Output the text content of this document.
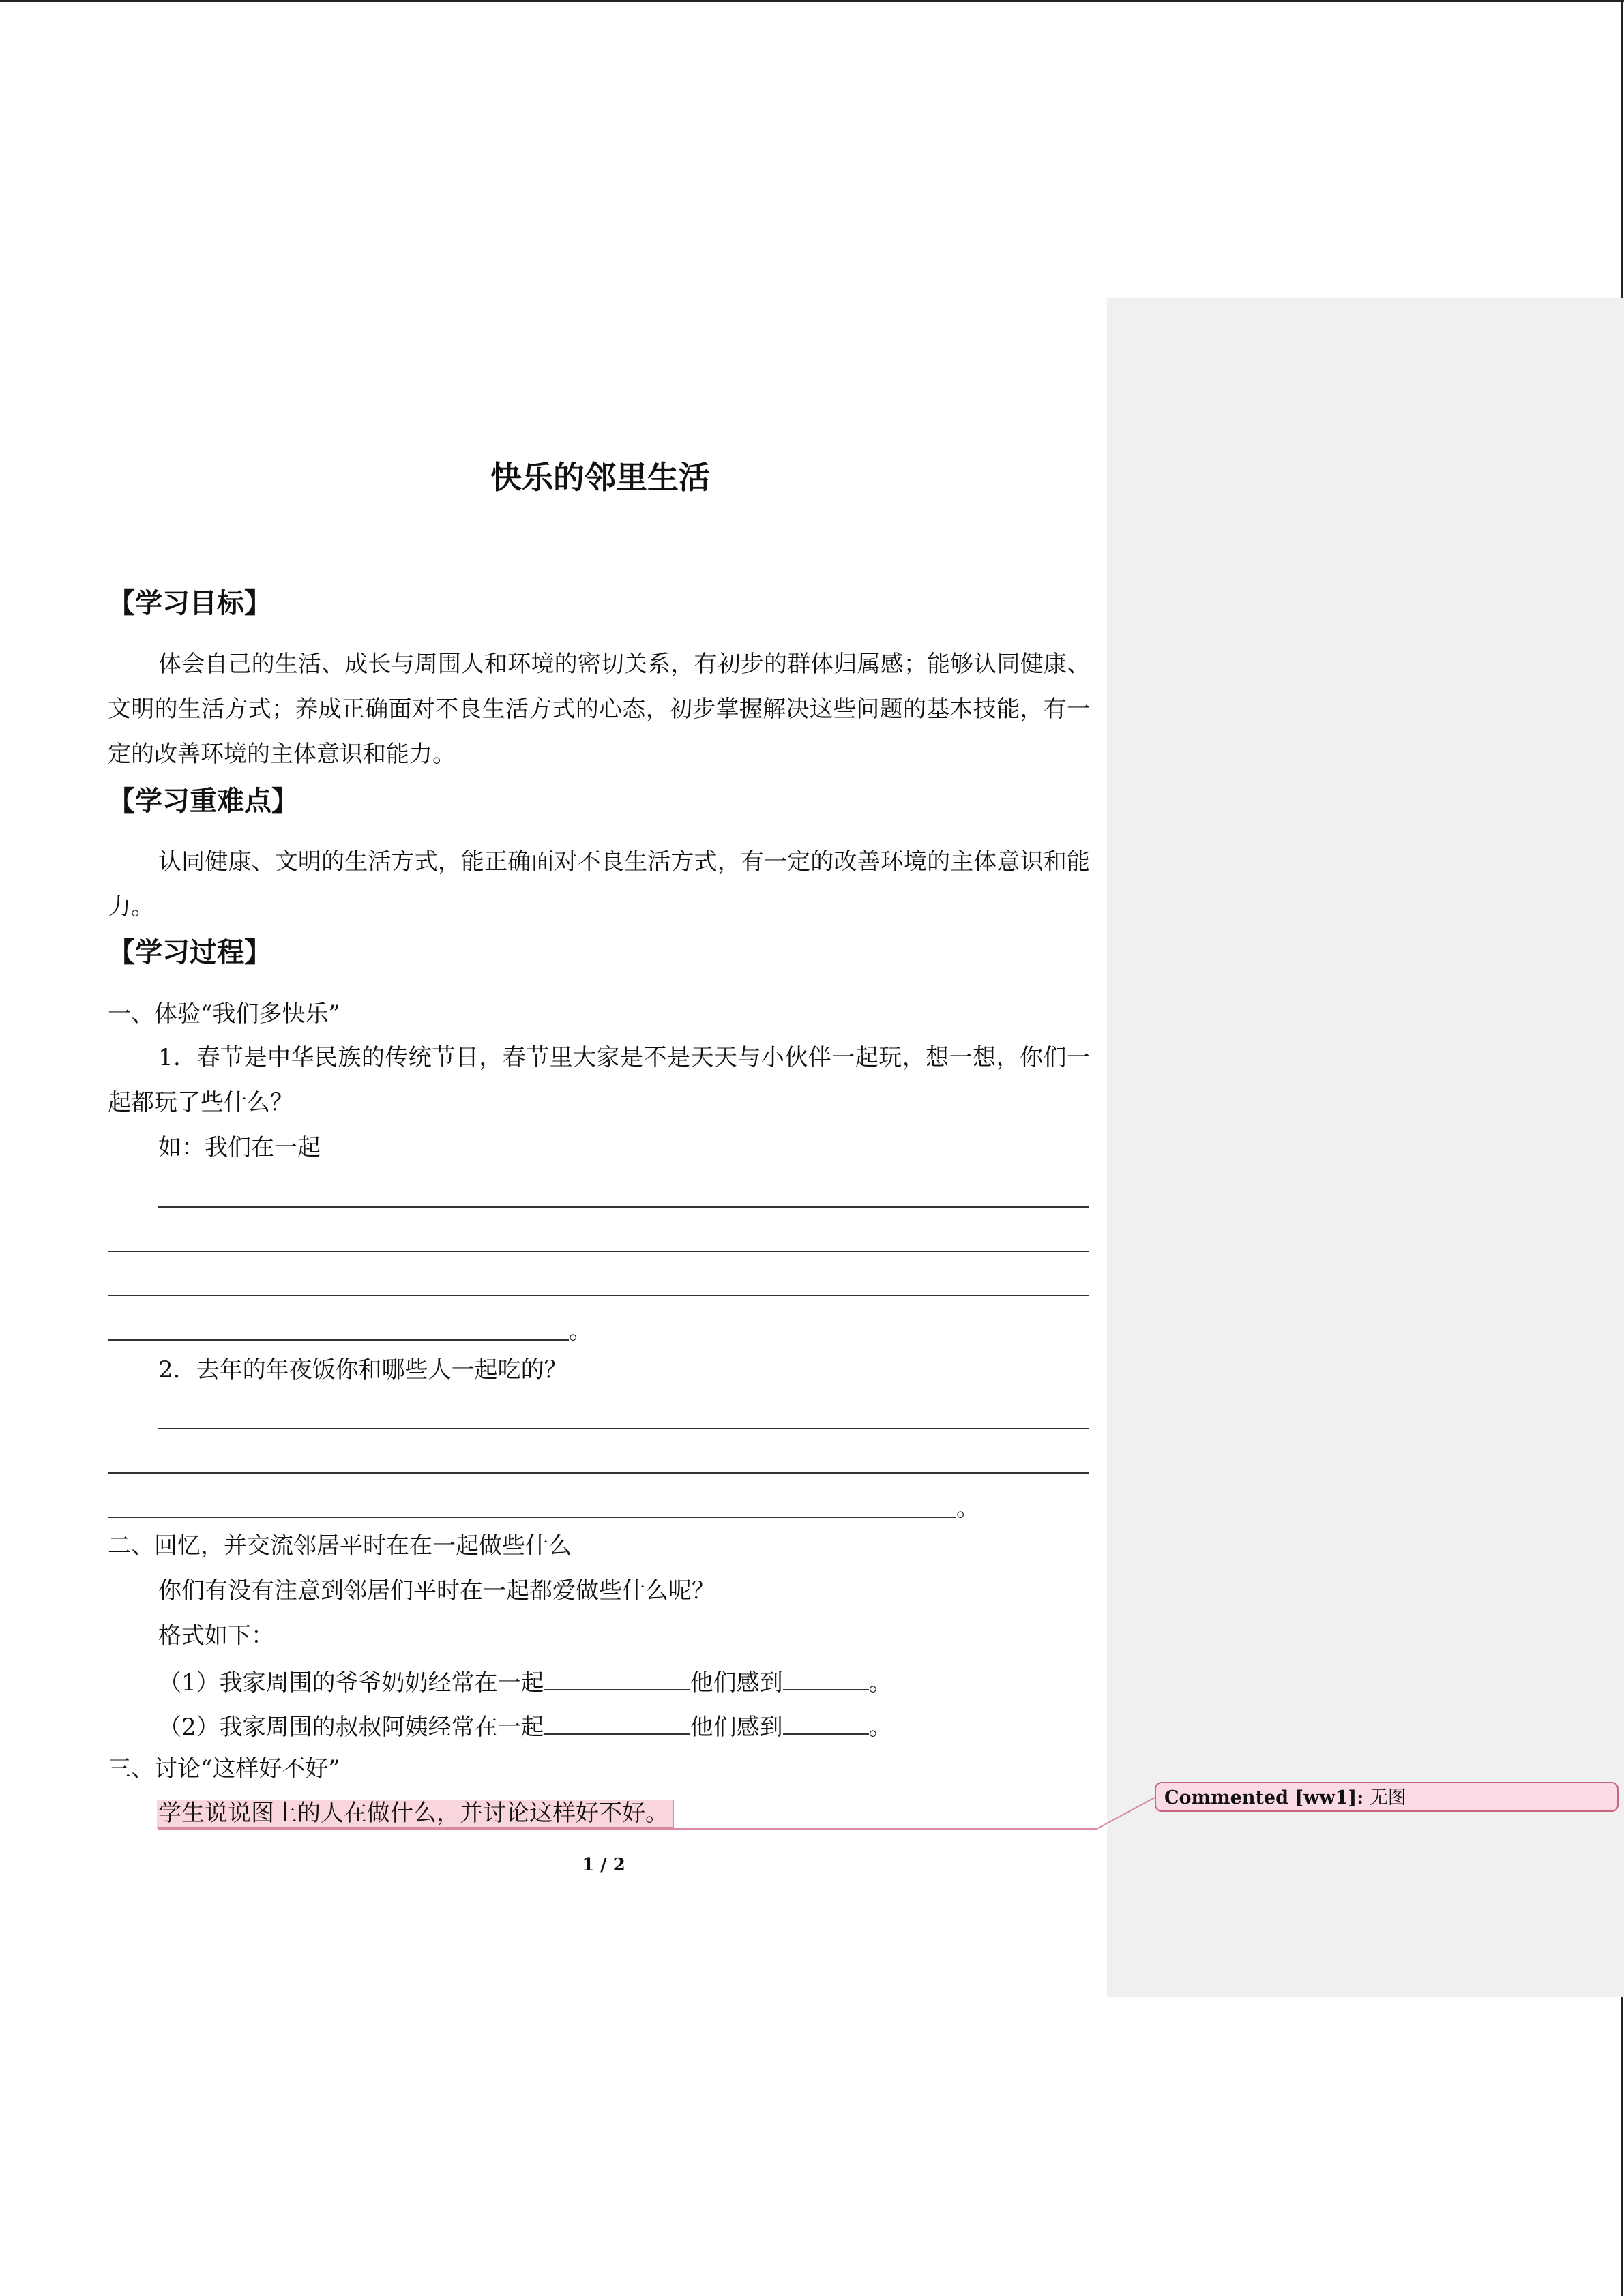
快乐的邻里生活
【学习目标】
体会自己的生活、成长与周围人和环境的密切关系，有初步的群体归属感；能够认同健康、文明的生活方式；养成正确面对不良生活方式的心态，初步掌握解决这些问题的基本技能，有一定的改善环境的主体意识和能力。
【学习重难点】
认同健康、文明的生活方式，能正确面对不良生活方式，有一定的改善环境的主体意识和能力。
【学习过程】
一、体验“我们多快乐”
1．春节是中华民族的传统节日，春节里大家是不是天天与小伙伴一起玩，想一想，你们一起都玩了些什么？
如：我们在一起
。
2．去年的年夜饭你和哪些人一起吃的？
。
二、回忆，并交流邻居平时在在一起做些什么
你们有没有注意到邻居们平时在一起都爱做些什么呢？
格式如下：
（1）我家周围的爷爷奶奶经常在一起	他们感到	。
（2）我家周围的叔叔阿姨经常在一起	他们感到	。
三、讨论“这样好不好”
学生说说图上的人在做什么，并讨论这样好不好。
1 / 2
Commented [ww1]: 无图
